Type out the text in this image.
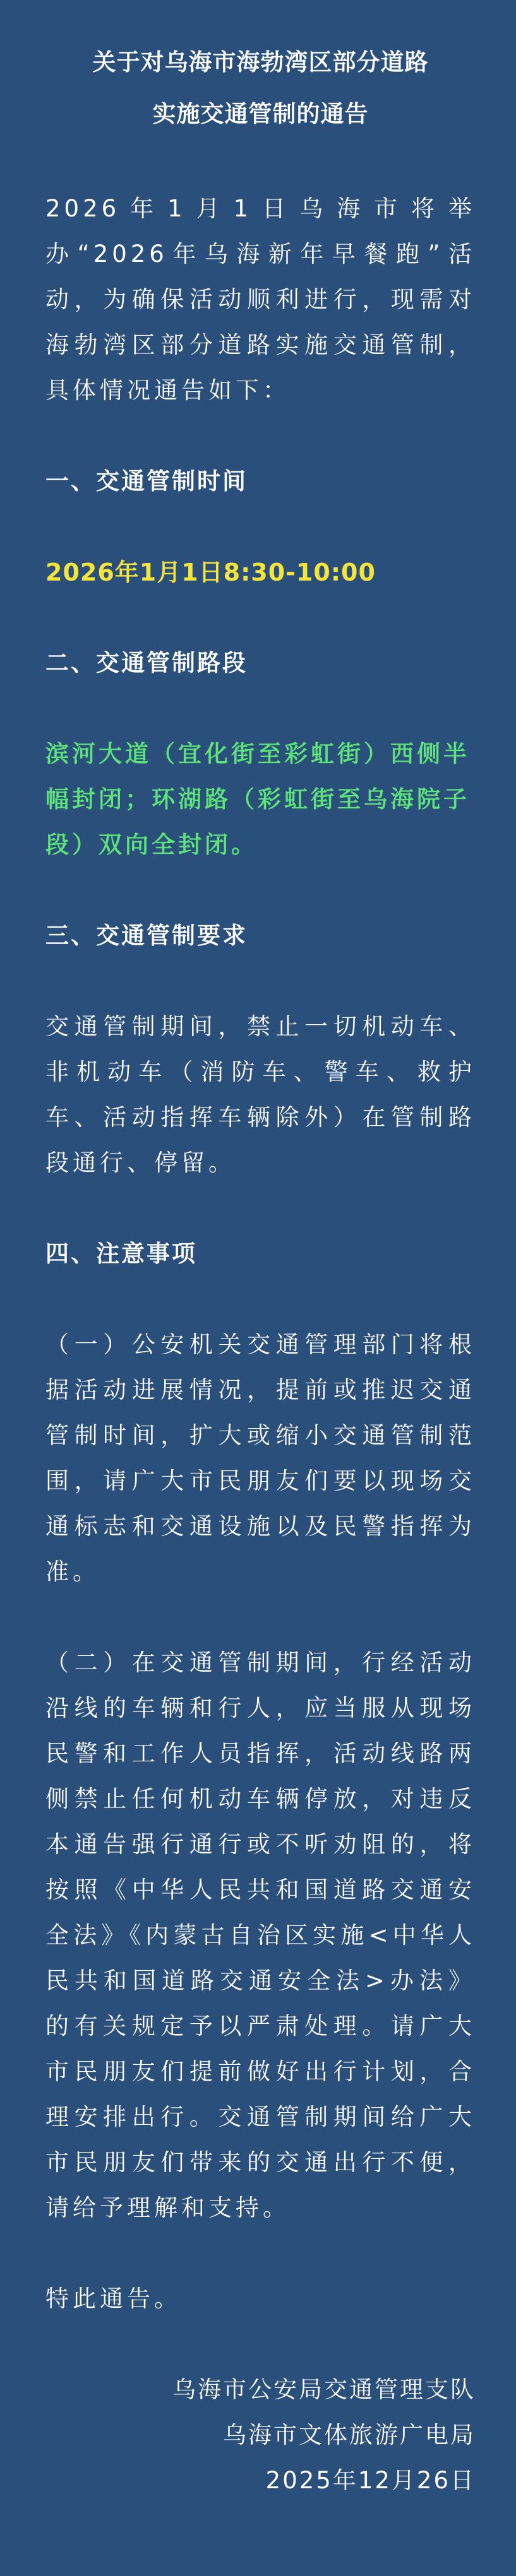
关于对乌海市海勃湾区部分道路

实施交通管制的通告

2026年1月1日乌海市将举办“2026年乌海新年早餐跑”活动，为确保活动顺利进行，现需对海勃湾区部分道路实施交通管制，具体情况通告如下：

一、交通管制时间

2026年1月1日8:30-10:00

二、交通管制路段

滨河大道（宜化街至彩虹街）西侧半幅封闭；环湖路（彩虹街至乌海院子段）双向全封闭。

三、交通管制要求

交通管制期间，禁止一切机动车、非机动车（消防车、警车、救护车、活动指挥车辆除外）在管制路段通行、停留。

四、注意事项

（一）公安机关交通管理部门将根据活动进展情况，提前或推迟交通管制时间，扩大或缩小交通管制范围，请广大市民朋友们要以现场交通标志和交通设施以及民警指挥为准。

（二）在交通管制期间，行经活动沿线的车辆和行人，应当服从现场民警和工作人员指挥，活动线路两侧禁止任何机动车辆停放，对违反本通告强行通行或不听劝阻的，将按照《中华人民共和国道路交通安全法》《内蒙古自治区实施<中华人民共和国道路交通安全法>办法》的有关规定予以严肃处理。请广大市民朋友们提前做好出行计划，合理安排出行。交通管制期间给广大市民朋友们带来的交通出行不便，请给予理解和支持。

特此通告。

乌海市公安局交通管理支队

乌海市文体旅游广电局

2025年12月26日
